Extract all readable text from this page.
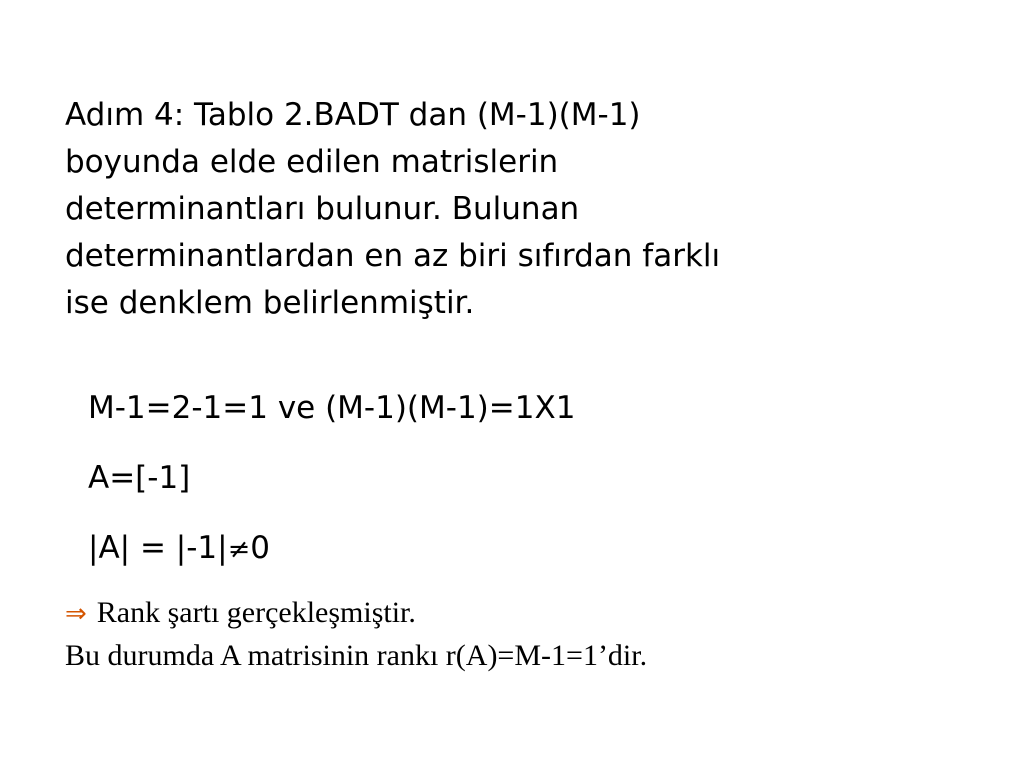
Adım 4: Tablo 2.BADT dan (M-1)(M-1)
boyunda elde edilen matrislerin
determinantları bulunur. Bulunan
determinantlardan en az biri sıfırdan farklı
ise denklem belirlenmiştir.

M-1=2-1=1 ve (M-1)(M-1)=1X1

A=[-1]

|A| = |-1|≠0

⇒ Rank şartı gerçekleşmiştir.
Bu durumda A matrisinin rankı r(A)=M-1=1’dir.
